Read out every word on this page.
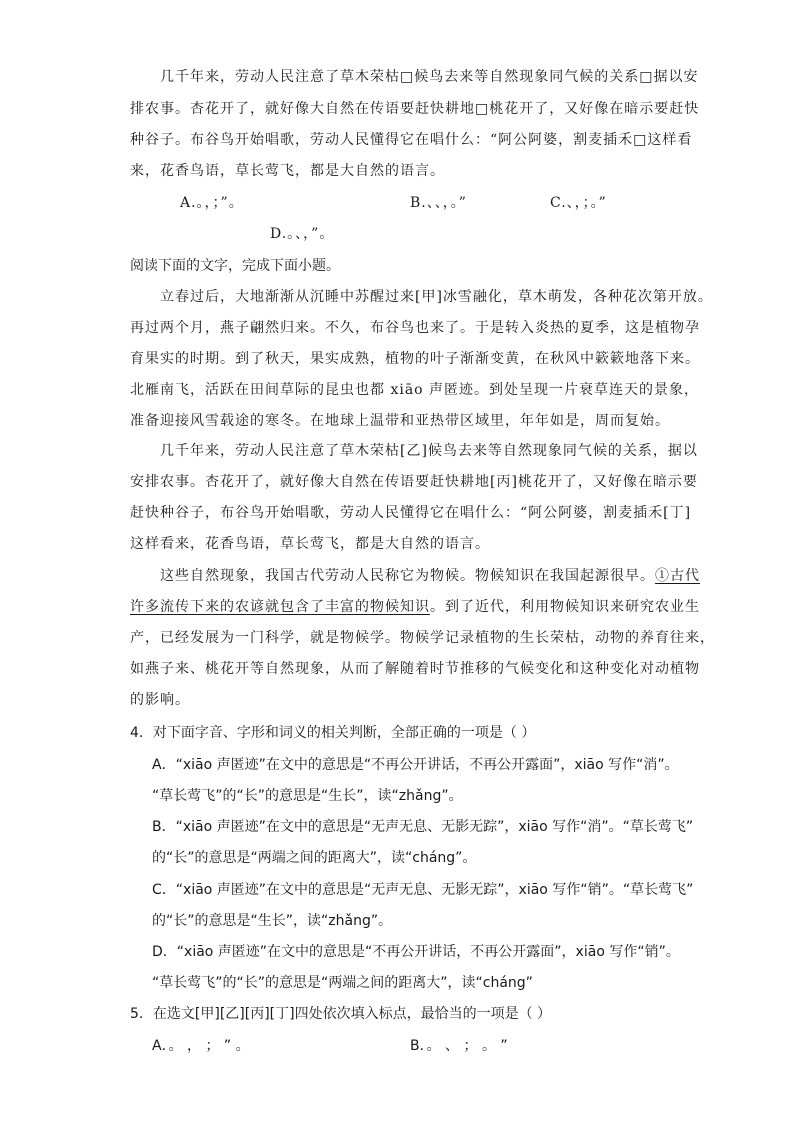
几千年来，劳动人民注意了草木荣枯□候鸟去来等自然现象同气候的关系□据以安
排农事。杏花开了，就好像大自然在传语要赶快耕地□桃花开了，又好像在暗示要赶快
种谷子。布谷鸟开始唱歌，劳动人民懂得它在唱什么：“阿公阿婆，割麦插禾□这样看
来，花香鸟语，草长莺飞，都是大自然的语言。
A.。，；”。	B.、、，。”	C.、，；。”
D.。、，”。
阅读下面的文字，完成下面小题。
立春过后，大地渐渐从沉睡中苏醒过来[甲]冰雪融化，草木萌发，各种花次第开放。
再过两个月，燕子翩然归来。不久，布谷鸟也来了。于是转入炎热的夏季，这是植物孕
育果实的时期。到了秋天，果实成熟，植物的叶子渐渐变黄，在秋风中簌簌地落下来。
北雁南飞，活跃在田间草际的昆虫也都 xiāo 声匿迹。到处呈现一片衰草连天的景象，
准备迎接风雪载途的寒冬。在地球上温带和亚热带区域里，年年如是，周而复始。
几千年来，劳动人民注意了草木荣枯[乙]候鸟去来等自然现象同气候的关系，据以
安排农事。杏花开了，就好像大自然在传语要赶快耕地[丙]桃花开了，又好像在暗示要
赶快种谷子，布谷鸟开始唱歌，劳动人民懂得它在唱什么：“阿公阿婆，割麦插禾[丁]
这样看来，花香鸟语，草长莺飞，都是大自然的语言。
这些自然现象，我国古代劳动人民称它为物候。物候知识在我国起源很早。①古代
许多流传下来的农谚就包含了丰富的物候知识。到了近代，利用物候知识来研究农业生
产，已经发展为一门科学，就是物候学。物候学记录植物的生长荣枯，动物的养育往来，
如燕子来、桃花开等自然现象，从而了解随着时节推移的气候变化和这种变化对动植物
的影响。
4．对下面字音、字形和词义的相关判断，全部正确的一项是（ ）
A．“xiāo 声匿迹”在文中的意思是“不再公开讲话，不再公开露面”，xiāo 写作“消”。
“草长莺飞”的“长”的意思是“生长”，读“zhǎng”。
B．“xiāo 声匿迹”在文中的意思是“无声无息、无影无踪”，xiāo 写作“消”。“草长莺飞”
的“长”的意思是“两端之间的距离大”，读“cháng”。
C．“xiāo 声匿迹”在文中的意思是“无声无息、无影无踪”，xiāo 写作“销”。“草长莺飞”
的“长”的意思是“生长”，读“zhǎng”。
D．“xiāo 声匿迹”在文中的意思是“不再公开讲话，不再公开露面”，xiāo 写作“销”。
“草长莺飞”的“长”的意思是“两端之间的距离大”，读“cháng”
5．在选文[甲][乙][丙][丁]四处依次填入标点，最恰当的一项是（ ）
A．。 ， ； ” 。	B．。 、 ； 。 ”
